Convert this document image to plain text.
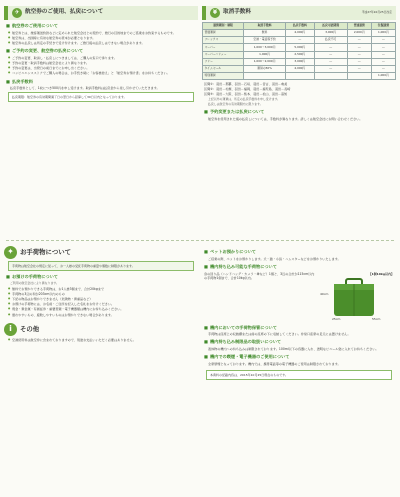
✈ 航空券のご使用、払戻について
■ 航空券のご使用について
● 航空券とは、旅客運送約款などに定められた航空会社との契約で、旅行の目的地までのご搭乗をお約束するものです。
● 航空券は、出国時に有効な航空券の原本が必要となります。
● 航空券の払戻しは所定の手続きで受け付けます。ご旅行後の払戻しはできない場合があります。
■ ご予約の変更、航空券の払戻について
● ご予約の変更、取消し・払戻しにつきましては、ご購入の窓口で承ります。
● 予約の変更・取消手数料は航空会社により異なります。
● 予約の変更は、出発日の前日までにお申し出ください。
● コンビニエンスストアでご購入の場合は、お手続き時に「お客様控え」と「航空券お預け書」をお持ちください。
■ 払戻手数料
払戻手数料として、1枚につき500円を申し受けます。取消手数料は払戻金から差し引かせていただきます。
払戻期限：航空券の有効期間満了日の翌日から起算して30日以内となっております。
¥	取消手数料	平成27年10月25日改定
運賃種別・制限	取消手数料	払戻手数料	払戻可能期間	普通運賃	往復運賃
普通運賃	無料	4,000円	3,000円	2,000円	1,000円
フレックス	空港・電話等予約	―	払戻不可	―	―
スーパー	1,000～3,000円	5,000円	―	―	―
スーパーバリュー	1,000円	2,500円	―	―	―
フリー	1,000～2,000円	3,000円	―	―	―
タイムセール	運賃の50%	4,000円	―	―	―
特別運賃					1,000円
区間①：羽田－那覇、羽田－石垣、羽田－宮古、羽田－奄美
区間②：羽田－札幌、羽田－福岡、羽田－鹿児島、羽田－長崎
区間③：羽田－大阪、羽田－熊本、羽田－松山、羽田－高知
上記以外の運賃は、所定の払戻手数料を申し受けます。
払戻しは航空券の有効期間内に限ります。
■ 予約変更または払戻について
航空券を使用された後の払戻しについては、手数料が異なります。詳しくは航空会社にお問い合わせください。
✦ お手荷物について
手荷物は航空会社の規定に従って、お一人様の受託手荷物の重量や個数に制限があります。
■ お預けの手荷物について
ご利用の航空会社により異なります。
● 無料でお預かりできる手荷物は、お1人様3個まで、合計20kgまで
● 手荷物の3辺の和が203cm以内のもの
● 下記の物品はお預かりできません（危険物・貴重品など）
● お預けの手荷物には、お名前・ご住所を記入した名札をお付けください。
● 現金・貴金属・有価証券・重要書類・電子機器類は機内にお持ち込みください。
● 壊れやすいもの、腐敗しやすいものはお預かりできない場合があります。
i	その他
● 空港使用料は航空券に含まれておりますので、別途お支払いいただく必要はありません。
■ ペットお預かりについて
ご搭乗の際、ペットをお預かりします。犬・猫・小鳥・ハムスターなどをお預かりいたします。
■ 機内持ち込み可能な手荷物について
身の回り品（ハンドバッグ・カメラ・傘など）1個と、3辺の合計が115cm以内の手荷物1個まで、合計10kg以内。
【1個10kg以内】
40cm
25cm	55cm
■ 機内においての手荷物保管について
手荷物は座席上の収納棚または前の座席の下に収納してください。非常口座席の足元には置けません。
■ 機内持ち込み制限品の取扱いについて
液体物の機内への持ち込みは制限されております。100ml以下の容器に入れ、透明なビニール袋に入れてお持ちください。
■ 機内での喫煙・電子機器のご使用について
全席禁煙となっております。機内では、携帯電話等の電子機器のご使用は制限されております。
本資料の記載内容は、2015年10月25日現在のものです。
